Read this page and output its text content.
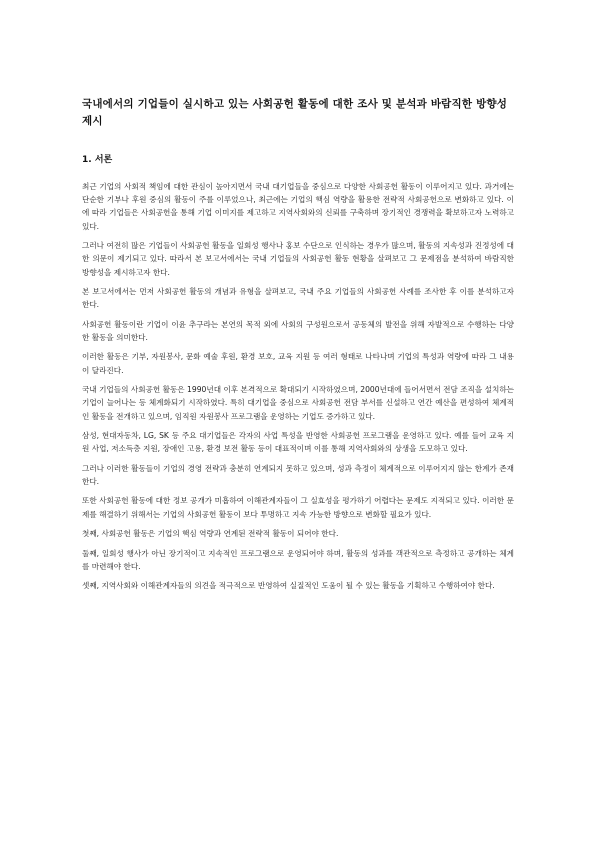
국내에서의 기업들이 실시하고 있는 사회공헌 활동에 대한 조사 및 분석과 바람직한 방향성 제시
1. 서론

최근 기업의 사회적 책임에 대한 관심이 높아지면서 국내 대기업들을 중심으로 다양한 사회공헌 활동이 이루어지고 있다. 과거에는 단순한 기부나 후원 중심의 활동이 주를 이루었으나, 최근에는 기업의 핵심 역량을 활용한 전략적 사회공헌으로 변화하고 있다. 이에 따라 기업들은 사회공헌을 통해 기업 이미지를 제고하고 지역사회와의 신뢰를 구축하며 장기적인 경쟁력을 확보하고자 노력하고 있다.

그러나 여전히 많은 기업들이 사회공헌 활동을 일회성 행사나 홍보 수단으로 인식하는 경우가 많으며, 활동의 지속성과 진정성에 대한 의문이 제기되고 있다. 따라서 본 보고서에서는 국내 기업들의 사회공헌 활동 현황을 살펴보고 그 문제점을 분석하여 바람직한 방향성을 제시하고자 한다.

본 보고서에서는 먼저 사회공헌 활동의 개념과 유형을 살펴보고, 국내 주요 기업들의 사회공헌 사례를 조사한 후 이를 분석하고자 한다.

사회공헌 활동이란 기업이 이윤 추구라는 본연의 목적 외에 사회의 구성원으로서 공동체의 발전을 위해 자발적으로 수행하는 다양한 활동을 의미한다.

이러한 활동은 기부, 자원봉사, 문화 예술 후원, 환경 보호, 교육 지원 등 여러 형태로 나타나며 기업의 특성과 역량에 따라 그 내용이 달라진다.

국내 기업들의 사회공헌 활동은 1990년대 이후 본격적으로 확대되기 시작하였으며, 2000년대에 들어서면서 전담 조직을 설치하는 기업이 늘어나는 등 체계화되기 시작하였다. 특히 대기업을 중심으로 사회공헌 전담 부서를 신설하고 연간 예산을 편성하여 체계적인 활동을 전개하고 있으며, 임직원 자원봉사 프로그램을 운영하는 기업도 증가하고 있다.

삼성, 현대자동차, LG, SK 등 주요 대기업들은 각자의 사업 특성을 반영한 사회공헌 프로그램을 운영하고 있다. 예를 들어 교육 지원 사업, 저소득층 지원, 장애인 고용, 환경 보전 활동 등이 대표적이며 이를 통해 지역사회와의 상생을 도모하고 있다.

그러나 이러한 활동들이 기업의 경영 전략과 충분히 연계되지 못하고 있으며, 성과 측정이 체계적으로 이루어지지 않는 한계가 존재한다.

또한 사회공헌 활동에 대한 정보 공개가 미흡하여 이해관계자들이 그 실효성을 평가하기 어렵다는 문제도 지적되고 있다. 이러한 문제를 해결하기 위해서는 기업의 사회공헌 활동이 보다 투명하고 지속 가능한 방향으로 변화할 필요가 있다.

첫째, 사회공헌 활동은 기업의 핵심 역량과 연계된 전략적 활동이 되어야 한다.

둘째, 일회성 행사가 아닌 장기적이고 지속적인 프로그램으로 운영되어야 하며, 활동의 성과를 객관적으로 측정하고 공개하는 체계를 마련해야 한다.

셋째, 지역사회와 이해관계자들의 의견을 적극적으로 반영하여 실질적인 도움이 될 수 있는 활동을 기획하고 수행하여야 한다.
